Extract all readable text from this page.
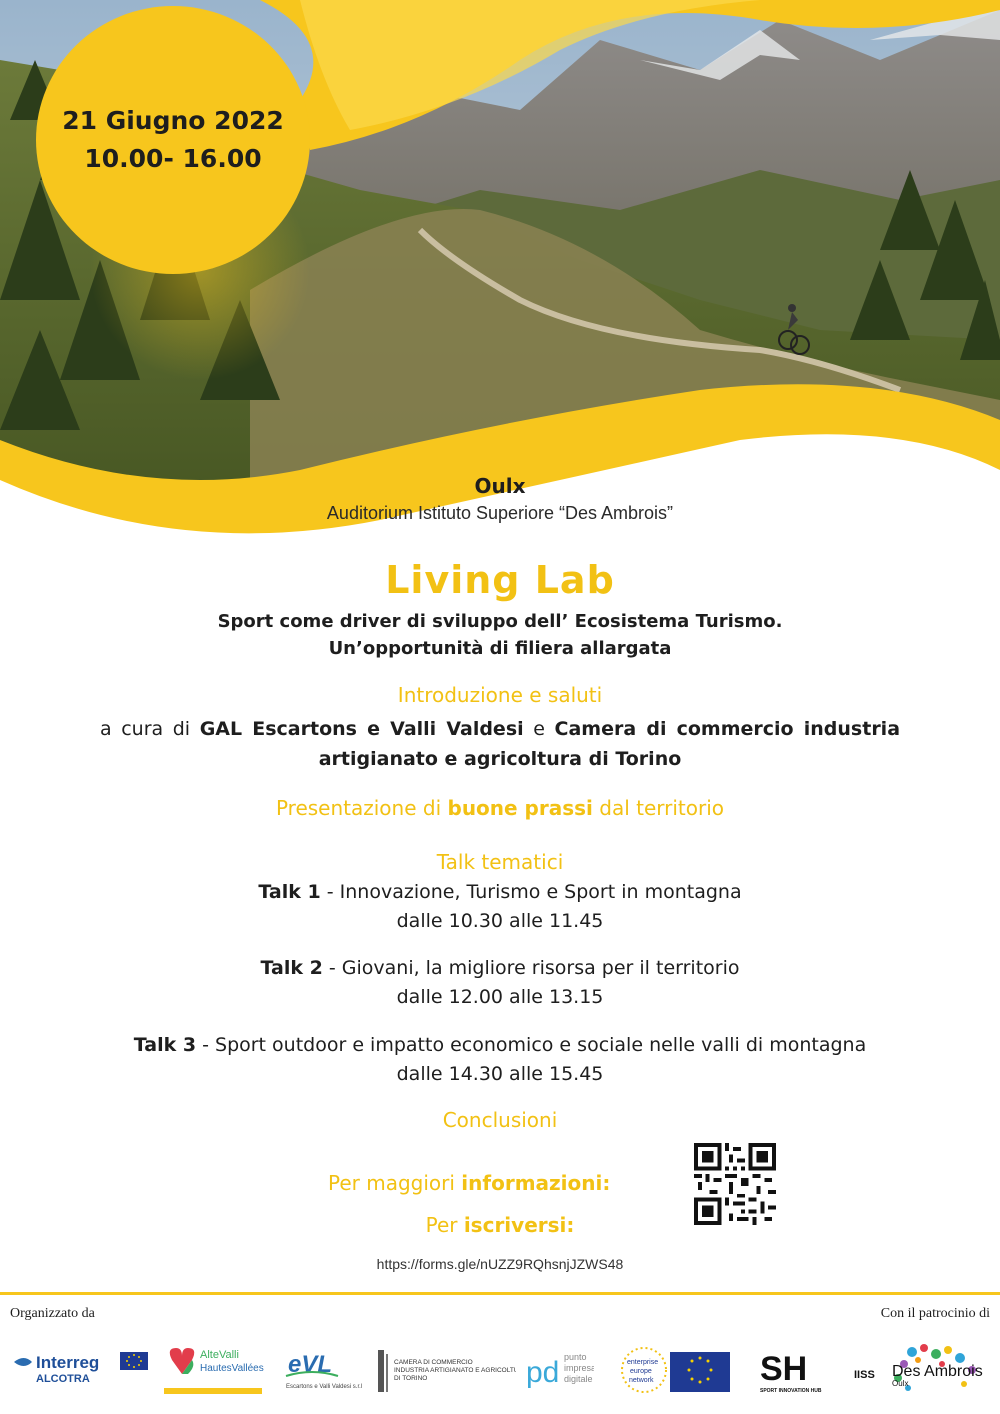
21 Giugno 2022
10.00- 16.00
Oulx
Auditorium Istituto Superiore “Des Ambrois”
Living Lab
Sport come driver di sviluppo dell’ Ecosistema Turismo.
Un’opportunità di filiera allargata
Introduzione e saluti
a cura di GAL Escartons e Valli Valdesi e Camera di commercio industria artigianato e agricoltura di Torino
Presentazione di buone prassi dal territorio
Talk tematici
Talk 1 - Innovazione, Turismo e Sport in montagna
dalle 10.30 alle 11.45
Talk 2 - Giovani, la migliore risorsa per il territorio
dalle 12.00 alle 13.15
Talk 3 - Sport outdoor e impatto economico e sociale nelle valli di montagna
dalle 14.30 alle 15.45
Conclusioni
Per maggiori informazioni:
Per iscriversi:
https://forms.gle/nUZZ9RQhsnjJZWS48
Organizzato da	Con il patrocinio di
Interreg
ALCOTRA
AlteValli
HautesVallées eVL
Escartons e Valli Valdesi s.r.l.
CAMERA DI COMMERCIO
INDUSTRIA ARTIGIANATO E AGRICOLTURA
DI TORINO	pd punto
impresa
digitale
enterprise
europe
network	SH
SPORT INNOVATION HUB
IISS Des Ambrois
Oulx
